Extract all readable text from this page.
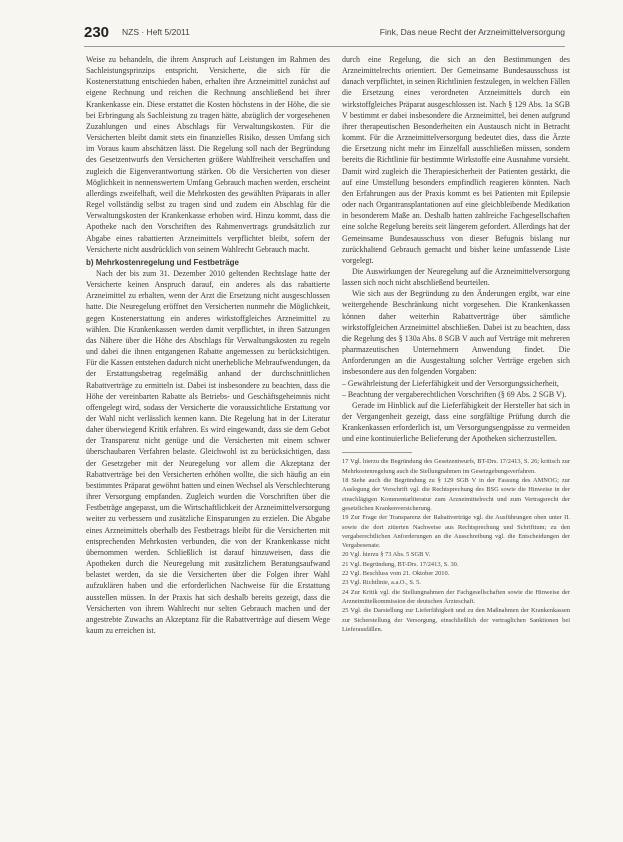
230 NZS · Heft 5/2011	Fink, Das neue Recht der Arzneimittelversorgung

Weise zu behandeln, die ihrem Anspruch auf Leistungen im Rahmen des Sachleistungsprinzips entspricht. Versicherte, die sich für die Kostenerstattung entschieden haben, erhalten ihre Arzneimittel zunächst auf eigene Rechnung und reichen die Rechnung anschließend bei ihrer Krankenkasse ein. Diese erstattet die Kosten höchstens in der Höhe, die sie bei Erbringung als Sachleistung zu tragen hätte, abzüglich der vorgesehenen Zuzahlungen und eines Abschlags für Verwaltungskosten. Für die Versicherten bleibt damit stets ein finanzielles Risiko, dessen Umfang sich im Voraus kaum abschätzen lässt. Die Regelung soll nach der Begründung des Gesetzentwurfs den Versicherten größere Wahlfreiheit verschaffen und zugleich die Eigenverantwortung stärken. Ob die Versicherten von dieser Möglichkeit in nennenswertem Umfang Gebrauch machen werden, erscheint allerdings zweifelhaft, weil die Mehrkosten des gewählten Präparats in aller Regel vollständig selbst zu tragen sind und zudem ein Abschlag für die Verwaltungskosten der Krankenkasse erhoben wird. Hinzu kommt, dass die Apotheke nach den Vorschriften des Rahmenvertrags grundsätzlich zur Abgabe eines rabattierten Arzneimittels verpflichtet bleibt, sofern der Versicherte nicht ausdrücklich von seinem Wahlrecht Gebrauch macht.

b) Mehrkostenregelung und Festbeträge

Nach der bis zum 31. Dezember 2010 geltenden Rechtslage hatte der Versicherte keinen Anspruch darauf, ein anderes als das rabattierte Arzneimittel zu erhalten, wenn der Arzt die Ersetzung nicht ausgeschlossen hatte. Die Neuregelung eröffnet den Versicherten nunmehr die Möglichkeit, gegen Kostenerstattung ein anderes wirkstoffgleiches Arzneimittel zu wählen. Die Krankenkassen werden damit verpflichtet, in ihren Satzungen das Nähere über die Höhe des Abschlags für Verwaltungskosten zu regeln und dabei die ihnen entgangenen Rabatte angemessen zu berücksichtigen. Für die Kassen entstehen dadurch nicht unerhebliche Mehraufwendungen, da der Erstattungsbetrag regelmäßig anhand der durchschnittlichen Rabattverträge zu ermitteln ist. Dabei ist insbesondere zu beachten, dass die Höhe der vereinbarten Rabatte als Betriebs- und Geschäftsgeheimnis nicht offengelegt wird, sodass der Versicherte die voraussichtliche Erstattung vor der Wahl nicht verlässlich kennen kann. Die Regelung hat in der Literatur daher überwiegend Kritik erfahren. Es wird eingewandt, dass sie dem Gebot der Transparenz nicht genüge und die Versicherten mit einem schwer überschaubaren Verfahren belaste. Gleichwohl ist zu berücksichtigen, dass der Gesetzgeber mit der Neuregelung vor allem die Akzeptanz der Rabattverträge bei den Versicherten erhöhen wollte, die sich häufig an ein bestimmtes Präparat gewöhnt hatten und einen Wechsel als Verschlechterung ihrer Versorgung empfanden. Zugleich wurden die Vorschriften über die Festbeträge angepasst, um die Wirtschaftlichkeit der Arzneimittelversorgung weiter zu verbessern und zusätzliche Einsparungen zu erzielen. Die Abgabe eines Arzneimittels oberhalb des Festbetrags bleibt für die Versicherten mit entsprechenden Mehrkosten verbunden, die von der Krankenkasse nicht übernommen werden. Schließlich ist darauf hinzuweisen, dass die Apotheken durch die Neuregelung mit zusätzlichem Beratungsaufwand belastet werden, da sie die Versicherten über die Folgen ihrer Wahl aufzuklären haben und die erforderlichen Nachweise für die Erstattung ausstellen müssen. In der Praxis hat sich deshalb bereits gezeigt, dass die Versicherten von ihrem Wahlrecht nur selten Gebrauch machen und der angestrebte Zuwachs an Akzeptanz für die Rabattverträge auf diesem Wege kaum zu erreichen ist.

durch eine Regelung, die sich an den Bestimmungen des Arzneimittelrechts orientiert. Der Gemeinsame Bundesausschuss ist danach verpflichtet, in seinen Richtlinien festzulegen, in welchen Fällen die Ersetzung eines verordneten Arzneimittels durch ein wirkstoffgleiches Präparat ausgeschlossen ist. Nach § 129 Abs. 1a SGB V bestimmt er dabei insbesondere die Arzneimittel, bei denen aufgrund ihrer therapeutischen Besonderheiten ein Austausch nicht in Betracht kommt. Für die Arzneimittelversorgung bedeutet dies, dass die Ärzte die Ersetzung nicht mehr im Einzelfall ausschließen müssen, sondern bereits die Richtlinie für bestimmte Wirkstoffe eine Ausnahme vorsieht. Damit wird zugleich die Therapiesicherheit der Patienten gestärkt, die auf eine Umstellung besonders empfindlich reagieren könnten. Nach den Erfahrungen aus der Praxis kommt es bei Patienten mit Epilepsie oder nach Organtransplantationen auf eine gleichbleibende Medikation in besonderem Maße an. Deshalb hatten zahlreiche Fachgesellschaften eine solche Regelung bereits seit längerem gefordert. Allerdings hat der Gemeinsame Bundesausschuss von dieser Befugnis bislang nur zurückhaltend Gebrauch gemacht und bisher keine umfassende Liste vorgelegt.

Die Auswirkungen der Neuregelung auf die Arzneimittelversorgung lassen sich noch nicht abschließend beurteilen.

Wie sich aus der Begründung zu den Änderungen ergibt, war eine weitergehende Beschränkung nicht vorgesehen. Die Krankenkassen können daher weiterhin Rabattverträge über sämtliche wirkstoffgleichen Arzneimittel abschließen. Dabei ist zu beachten, dass die Regelung des § 130a Abs. 8 SGB V auch auf Verträge mit mehreren pharmazeutischen Unternehmern Anwendung findet. Die Anforderungen an die Ausgestaltung solcher Verträge ergeben sich insbesondere aus den folgenden Vorgaben:

– Gewährleistung der Lieferfähigkeit und der Versorgungssicherheit,

– Beachtung der vergaberechtlichen Vorschriften (§ 69 Abs. 2 SGB V).

Gerade im Hinblick auf die Lieferfähigkeit der Hersteller hat sich in der Vergangenheit gezeigt, dass eine sorgfältige Prüfung durch die Krankenkassen erforderlich ist, um Versorgungsengpässe zu vermeiden und eine kontinuierliche Belieferung der Apotheken sicherzustellen.

17 Vgl. hierzu die Begründung des Gesetzentwurfs, BT-Drs. 17/2413, S. 26; kritisch zur Mehrkostenregelung auch die Stellungnahmen im Gesetzgebungsverfahren.
18 Siehe auch die Begründung zu § 129 SGB V in der Fassung des AMNOG; zur Auslegung der Vorschrift vgl. die Rechtsprechung des BSG sowie die Hinweise in der einschlägigen Kommentarliteratur zum Arzneimittelrecht und zum Vertragsrecht der gesetzlichen Krankenversicherung.
19 Zur Frage der Transparenz der Rabattverträge vgl. die Ausführungen oben unter II. sowie die dort zitierten Nachweise aus Rechtsprechung und Schrifttum; zu den vergaberechtlichen Anforderungen an die Ausschreibung vgl. die Entscheidungen der Vergabesenate.
20 Vgl. hierzu § 73 Abs. 5 SGB V.
21 Vgl. Begründung, BT-Drs. 17/2413, S. 30.
22 Vgl. Beschluss vom 21. Oktober 2010.
23 Vgl. Richtlinie, a.a.O., S. 5.
24 Zur Kritik vgl. die Stellungnahmen der Fachgesellschaften sowie die Hinweise der Arzneimittelkommission der deutschen Ärzteschaft.
25 Vgl. die Darstellung zur Lieferfähigkeit und zu den Maßnahmen der Krankenkassen zur Sicherstellung der Versorgung, einschließlich der vertraglichen Sanktionen bei Lieferausfällen.
